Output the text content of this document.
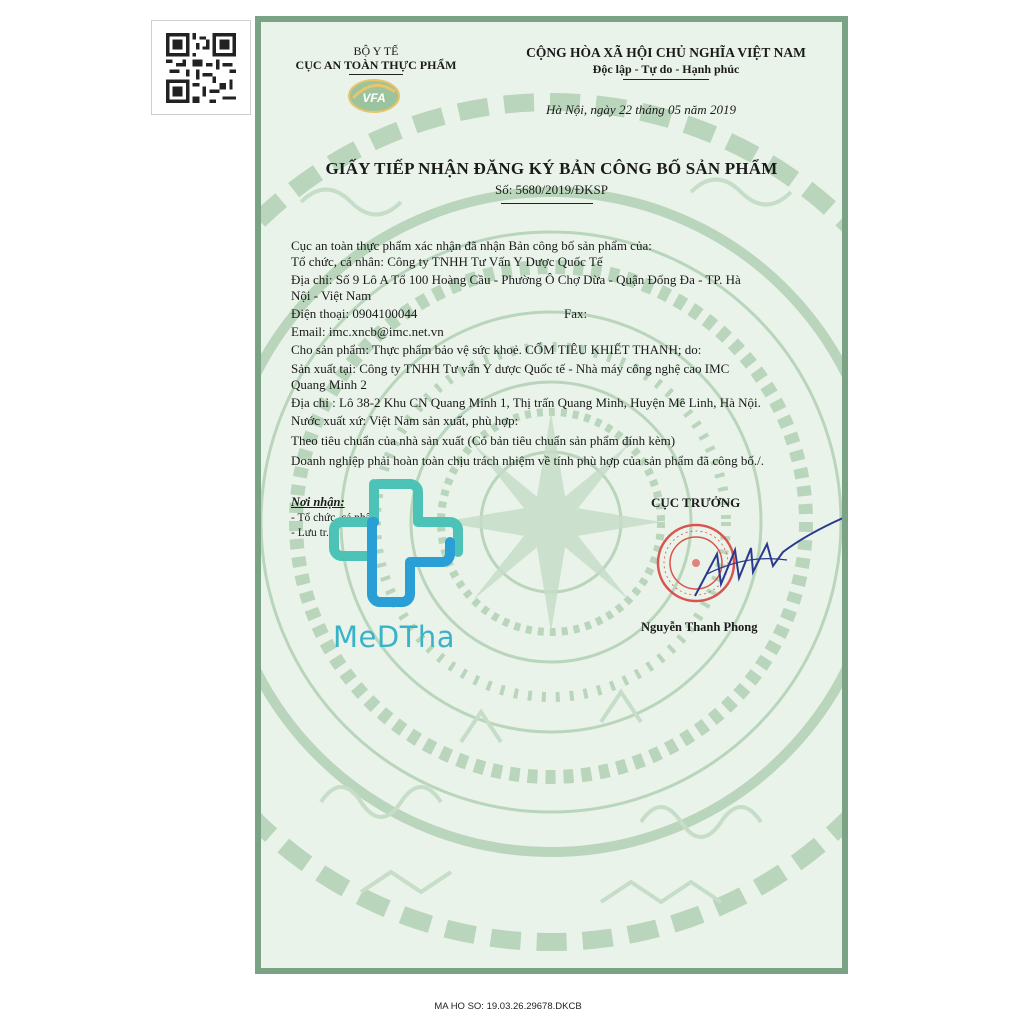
BỘ Y TẾ
CỤC AN TOÀN THỰC PHẨM
VFA
CỘNG HÒA XÃ HỘI CHỦ NGHĨA VIỆT NAM
Độc lập - Tự do - Hạnh phúc
Hà Nội, ngày 22 tháng 05 năm 2019
GIẤY TIẾP NHẬN ĐĂNG KÝ BẢN CÔNG BỐ SẢN PHẨM
Số: 5680/2019/ĐKSP
Cục an toàn thực phẩm xác nhận đã nhận Bản công bố sản phẩm của:
Tổ chức, cá nhân: Công ty TNHH Tư Vấn Y Dược Quốc Tế
Địa chỉ: Số 9 Lô A Tổ 100 Hoàng Cầu - Phường Ô Chợ Dừa - Quận Đống Đa - TP. Hà
Nội - Việt Nam
Điện thoại: 0904100044	Fax:
Email: imc.xncb@imc.net.vn
Cho sản phẩm: Thực phẩm bảo vệ sức khoẻ. CỐM TIÊU KHIẾT THANH; do:
Sản xuất tại: Công ty TNHH Tư vấn Y dược Quốc tế - Nhà máy công nghệ cao IMC
Quang Minh 2
Địa chỉ : Lô 38-2 Khu CN Quang Minh 1, Thị trấn Quang Minh, Huyện Mê Linh, Hà Nội.
Nước xuất xứ: Việt Nam sản xuất, phù hợp:
Theo tiêu chuẩn của nhà sản xuất (Có bản tiêu chuẩn sản phẩm đính kèm)
Doanh nghiệp phải hoàn toàn chịu trách nhiệm về tính phù hợp của sản phẩm đã công bố./.
Nơi nhận:
- Tổ chức, cá nhân;
- Lưu tr.
CỤC TRƯỞNG
Nguyễn Thanh Phong
MeDTha
MA HO SO: 19.03.26.29678.DKCB
